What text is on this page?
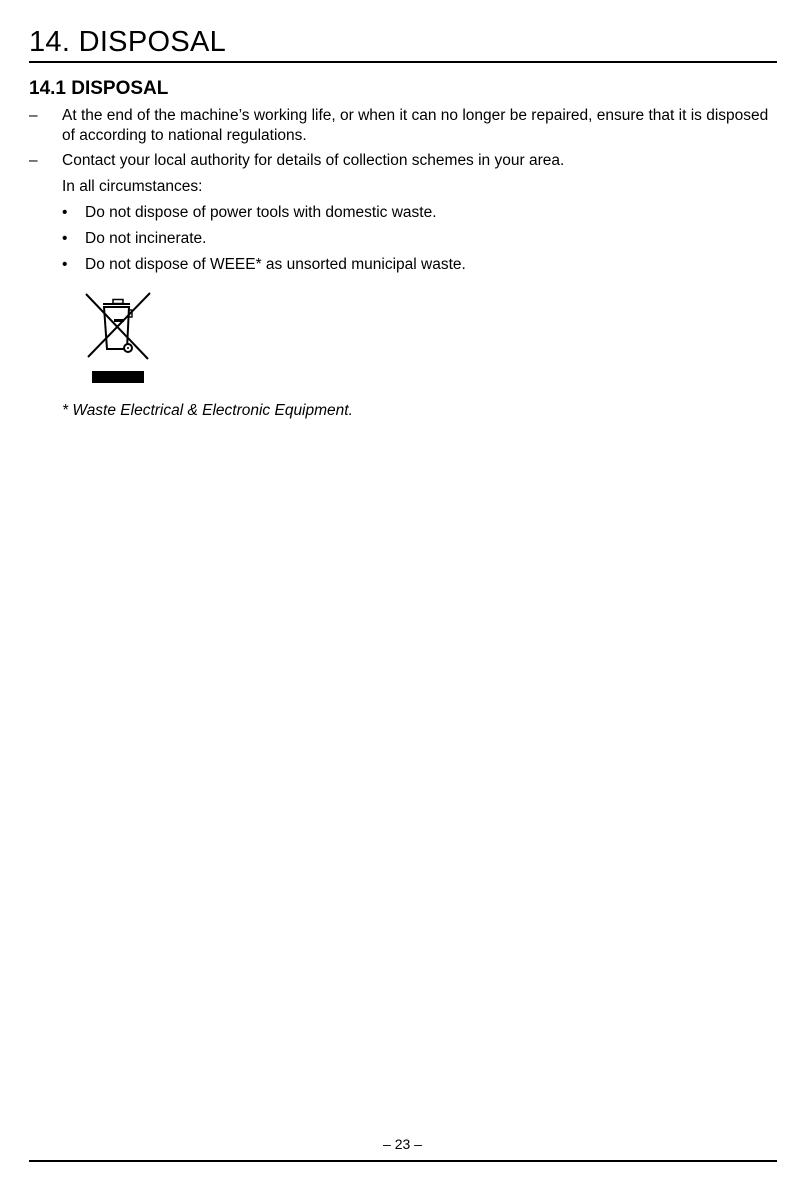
14. DISPOSAL
14.1 DISPOSAL
– At the end of the machine’s working life, or when it can no longer be repaired, ensure that it is disposed of according to national regulations.
– Contact your local authority for details of collection schemes in your area.
In all circumstances:
• Do not dispose of power tools with domestic waste.
• Do not incinerate.
• Do not dispose of WEEE* as unsorted municipal waste.
* Waste Electrical & Electronic Equipment.
– 23 –
